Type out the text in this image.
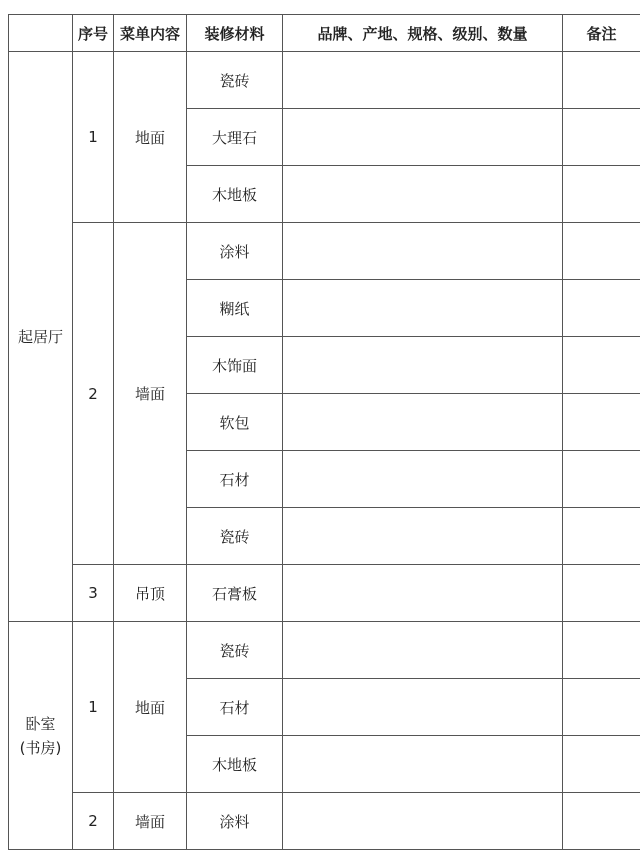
	序号	菜单内容	装修材料	品牌、产地、规格、级别、数量	备注
起居厅	1	地面	瓷砖		
			大理石		
			木地板		
	2	墙面	涂料		
			糊纸		
			木饰面		
			软包		
			石材		
			瓷砖		
	3	吊顶	石膏板		
卧室
(书房)	1	地面	瓷砖		
			石材		
			木地板		
	2	墙面	涂料		
